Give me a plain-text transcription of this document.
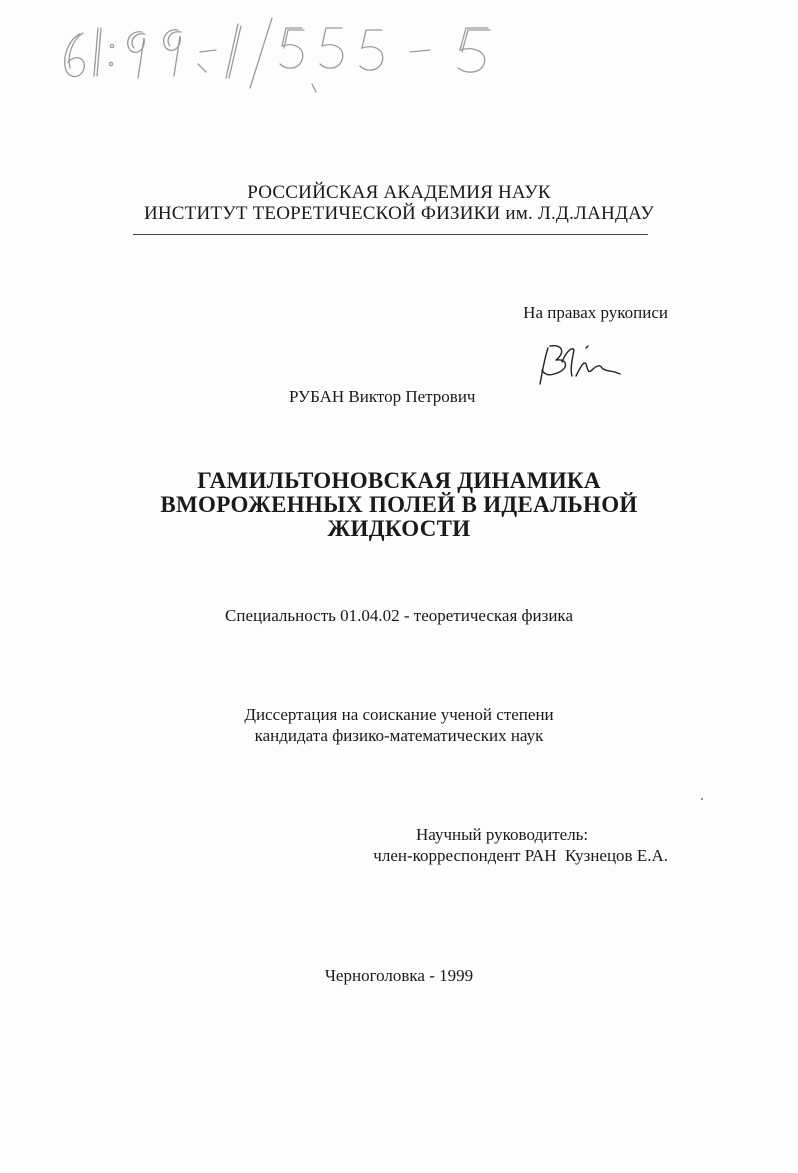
РОССИЙСКАЯ АКАДЕМИЯ НАУК
ИНСТИТУТ ТЕОРЕТИЧЕСКОЙ ФИЗИКИ им. Л.Д.ЛАНДАУ
На правах рукописи
РУБАН Виктор Петрович
ГАМИЛЬТОНОВСКАЯ ДИНАМИКА
ВМОРОЖЕННЫХ ПОЛЕЙ В ИДЕАЛЬНОЙ
ЖИДКОСТИ
Специальность 01.04.02 - теоретическая физика
Диссертация на соискание ученой степени
кандидата физико-математических наук
Научный руководитель:
член-корреспондент РАН  Кузнецов Е.А.
Черноголовка - 1999
